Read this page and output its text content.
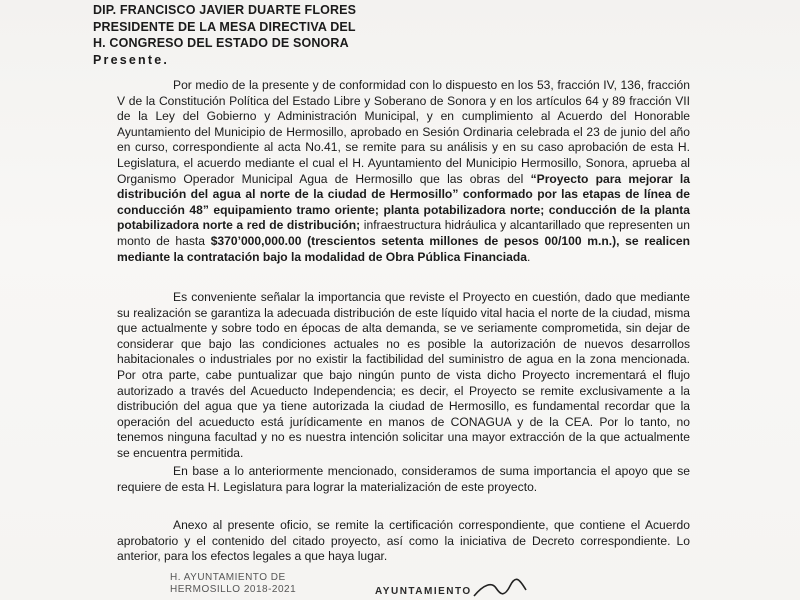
DIP. FRANCISCO JAVIER DUARTE FLORES
PRESIDENTE DE LA MESA DIRECTIVA DEL
H. CONGRESO DEL ESTADO DE SONORA
Presente.

Por medio de la presente y de conformidad con lo dispuesto en los 53, fracción IV, 136, fracción V de la Constitución Política del Estado Libre y Soberano de Sonora y en los artículos 64 y 89 fracción VII de la Ley del Gobierno y Administración Municipal, y en cumplimiento al Acuerdo del Honorable Ayuntamiento del Municipio de Hermosillo, aprobado en Sesión Ordinaria celebrada el 23 de junio del año en curso, correspondiente al acta No.41, se remite para su análisis y en su caso aprobación de esta H. Legislatura, el acuerdo mediante el cual el H. Ayuntamiento del Municipio Hermosillo, Sonora, aprueba al Organismo Operador Municipal Agua de Hermosillo que las obras del “Proyecto para mejorar la distribución del agua al norte de la ciudad de Hermosillo” conformado por las etapas de línea de conducción 48” equipamiento tramo oriente; planta potabilizadora norte; conducción de la planta potabilizadora norte a red de distribución; infraestructura hidráulica y alcantarillado que representen un monto de hasta $370’000,000.00 (trescientos setenta millones de pesos 00/100 m.n.), se realicen mediante la contratación bajo la modalidad de Obra Pública Financiada.

Es conveniente señalar la importancia que reviste el Proyecto en cuestión, dado que mediante su realización se garantiza la adecuada distribución de este líquido vital hacia el norte de la ciudad, misma que actualmente y sobre todo en épocas de alta demanda, se ve seriamente comprometida, sin dejar de considerar que bajo las condiciones actuales no es posible la autorización de nuevos desarrollos habitacionales o industriales por no existir la factibilidad del suministro de agua en la zona mencionada. Por otra parte, cabe puntualizar que bajo ningún punto de vista dicho Proyecto incrementará el flujo autorizado a través del Acueducto Independencia; es decir, el Proyecto se remite exclusivamente a la distribución del agua que ya tiene autorizada la ciudad de Hermosillo, es fundamental recordar que la operación del acueducto está jurídicamente en manos de CONAGUA y de la CEA. Por lo tanto, no tenemos ninguna facultad y no es nuestra intención solicitar una mayor extracción de la que actualmente se encuentra permitida.

En base a lo anteriormente mencionado, consideramos de suma importancia el apoyo que se requiere de esta H. Legislatura para lograr la materialización de este proyecto.

Anexo al presente oficio, se remite la certificación correspondiente, que contiene el Acuerdo aprobatorio y el contenido del citado proyecto, así como la iniciativa de Decreto correspondiente. Lo anterior, para los efectos legales a que haya lugar.

H. AYUNTAMIENTO DE
HERMOSILLO 2018-2021	AYUNTAMIENTO
